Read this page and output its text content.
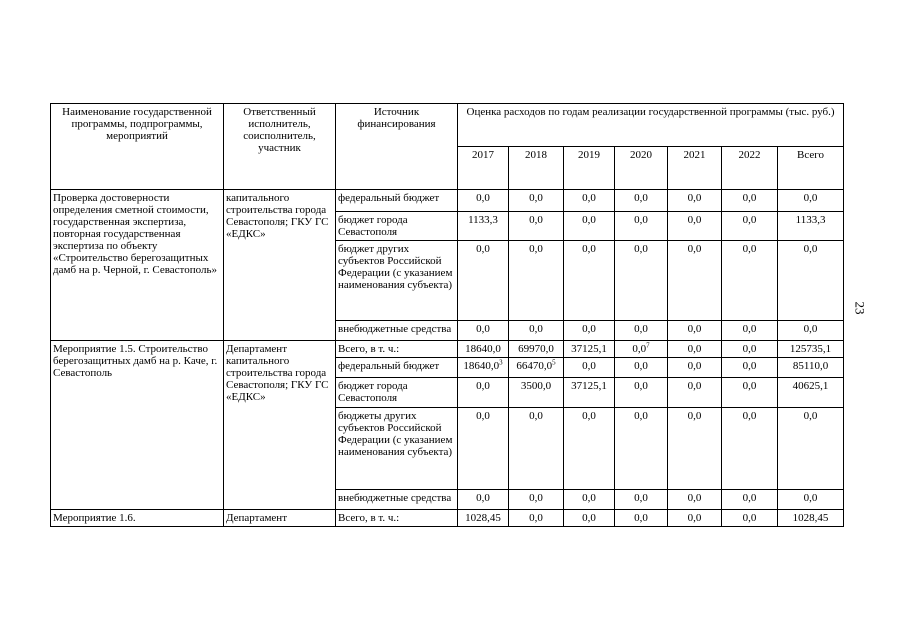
23
Наименование государственной программы, подпрограммы, мероприятий	Ответственный исполнитель, соисполнитель, участник	Источник финансирования	Оценка расходов по годам реализации государственной программы (тыс. руб.)						
			2017	2018	2019	2020	2021	2022	Всего
Проверка достоверности определения сметной стоимости, государственная экспертиза, повторная государственная экспертиза по объекту «Строительство берегозащитных дамб на р. Черной, г. Севастополь»	капитального строительства города Севастополя; ГКУ ГС «ЕДКС»	федеральный бюджет	0,0	0,0	0,0	0,0	0,0	0,0	0,0
		бюджет города Севастополя	1133,3	0,0	0,0	0,0	0,0	0,0	1133,3
		бюджет других субъектов Российской Федерации (с указанием наименования субъекта)	0,0	0,0	0,0	0,0	0,0	0,0	0,0
		внебюджетные средства	0,0	0,0	0,0	0,0	0,0	0,0	0,0
Мероприятие 1.5. Строительство берегозащитных дамб на р. Каче, г. Севастополь	Департамент капитального строительства города Севастополя; ГКУ ГС «ЕДКС»	Всего, в т. ч.:	18640,0	69970,0	37125,1	$0,0^7$	0,0	0,0	125735,1
		федеральный бюджет	18640,0$^3$	66470,0$^5$	0,0	0,0	0,0	0,0	85110,0
		бюджет города Севастополя	0,0	3500,0	37125,1	0,0	0,0	0,0	40625,1
		бюджеты других субъектов Российской Федерации (с указанием наименования субъекта)	0,0	0,0	0,0	0,0	0,0	0,0	0,0
		внебюджетные средства	0,0	0,0	0,0	0,0	0,0	0,0	0,0
Мероприятие 1.6.	Департамент	Всего, в т. ч.:	1028,45	0,0	0,0	0,0	0,0	0,0	1028,45
